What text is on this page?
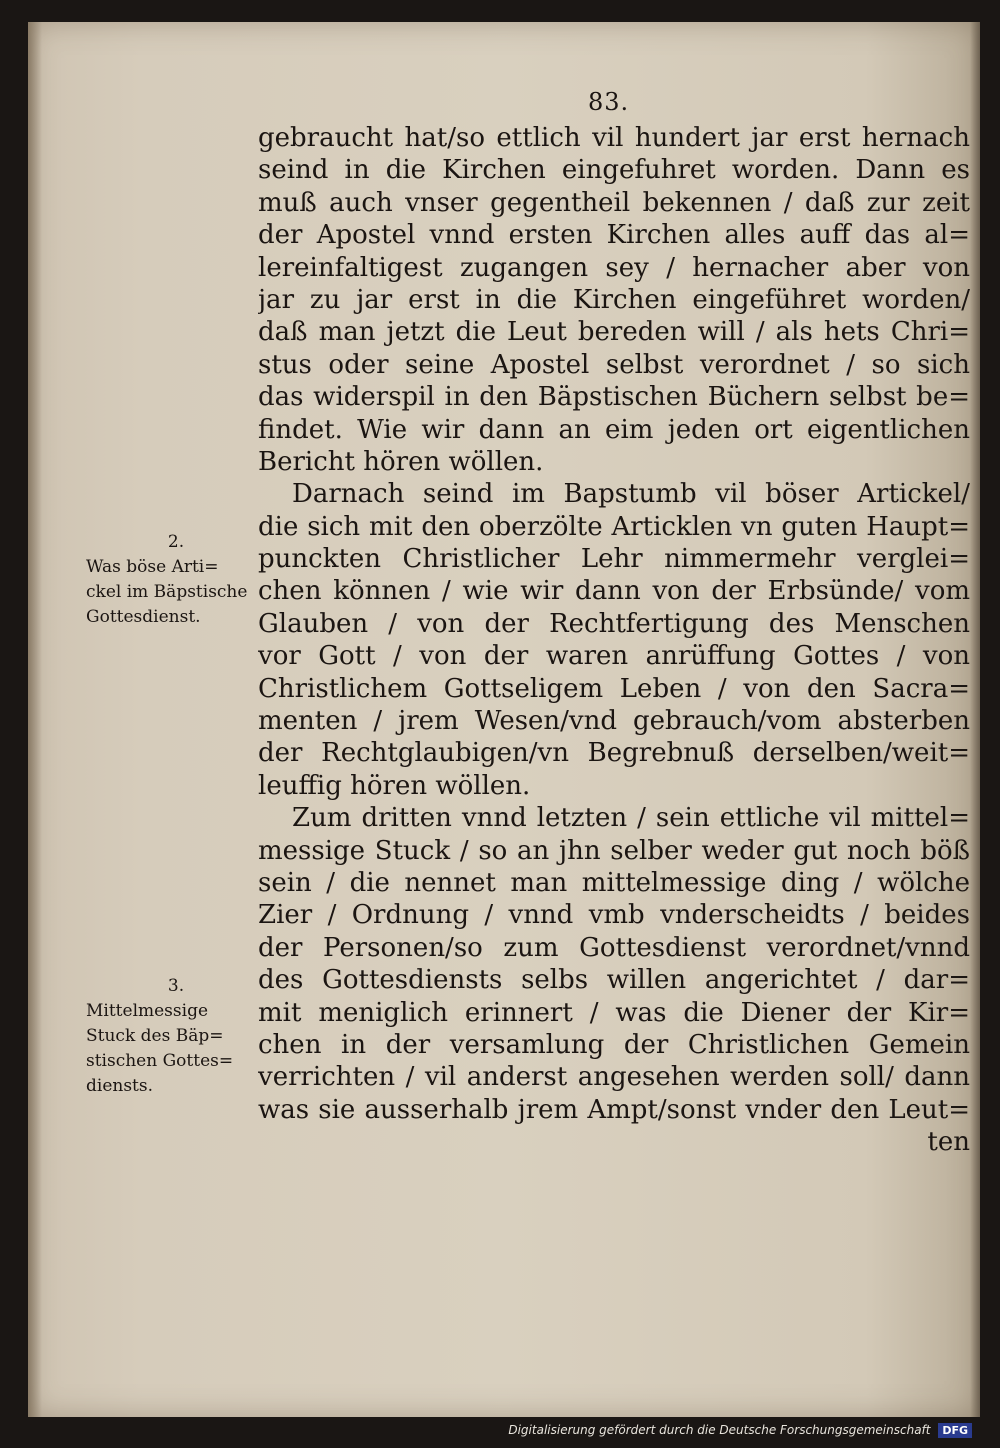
83.
gebraucht hat/so ettlich vil hundert jar erst hernach
seind in die Kirchen eingefuhret worden. Dann es
muß auch vnser gegentheil bekennen / daß zur zeit
der Apostel vnnd ersten Kirchen alles auff das al=
lereinfaltigest zugangen sey / hernacher aber von
jar zu jar erst in die Kirchen eingeführet worden/
daß man jetzt die Leut bereden will / als hets Chri=
stus oder seine Apostel selbst verordnet / so sich
das widerspil in den Bäpstischen Büchern selbst be=
findet. Wie wir dann an eim jeden ort eigentlichen
Bericht hören wöllen.
Darnach seind im Bapstumb vil böser Artickel/
die sich mit den oberzölte Articklen vn guten Haupt=
punckten Christlicher Lehr nimmermehr verglei=
chen können / wie wir dann von der Erbsünde/ vom
Glauben / von der Rechtfertigung des Menschen
vor Gott / von der waren anrüffung Gottes / von
Christlichem Gottseligem Leben / von den Sacra=
menten / jrem Wesen/vnd gebrauch/vom absterben
der Rechtglaubigen/vn Begrebnuß derselben/weit=
leuffig hören wöllen.
Zum dritten vnnd letzten / sein ettliche vil mittel=
messige Stuck / so an jhn selber weder gut noch böß
sein / die nennet man mittelmessige ding / wölche
Zier / Ordnung / vnnd vmb vnderscheidts / beides
der Personen/so zum Gottesdienst verordnet/vnnd
des Gottesdiensts selbs willen angerichtet / dar=
mit meniglich erinnert / was die Diener der Kir=
chen in der versamlung der Christlichen Gemein
verrichten / vil anderst angesehen werden soll/ dann
was sie ausserhalb jrem Ampt/sonst vnder den Leut=
ten
2.
Was böse Arti=
ckel im Bäpstische
Gottesdienst.
3.
Mittelmessige
Stuck des Bäp=
stischen Gottes=
diensts.
Digitalisierung gefördert durch die Deutsche Forschungsgemeinschaft DFG
